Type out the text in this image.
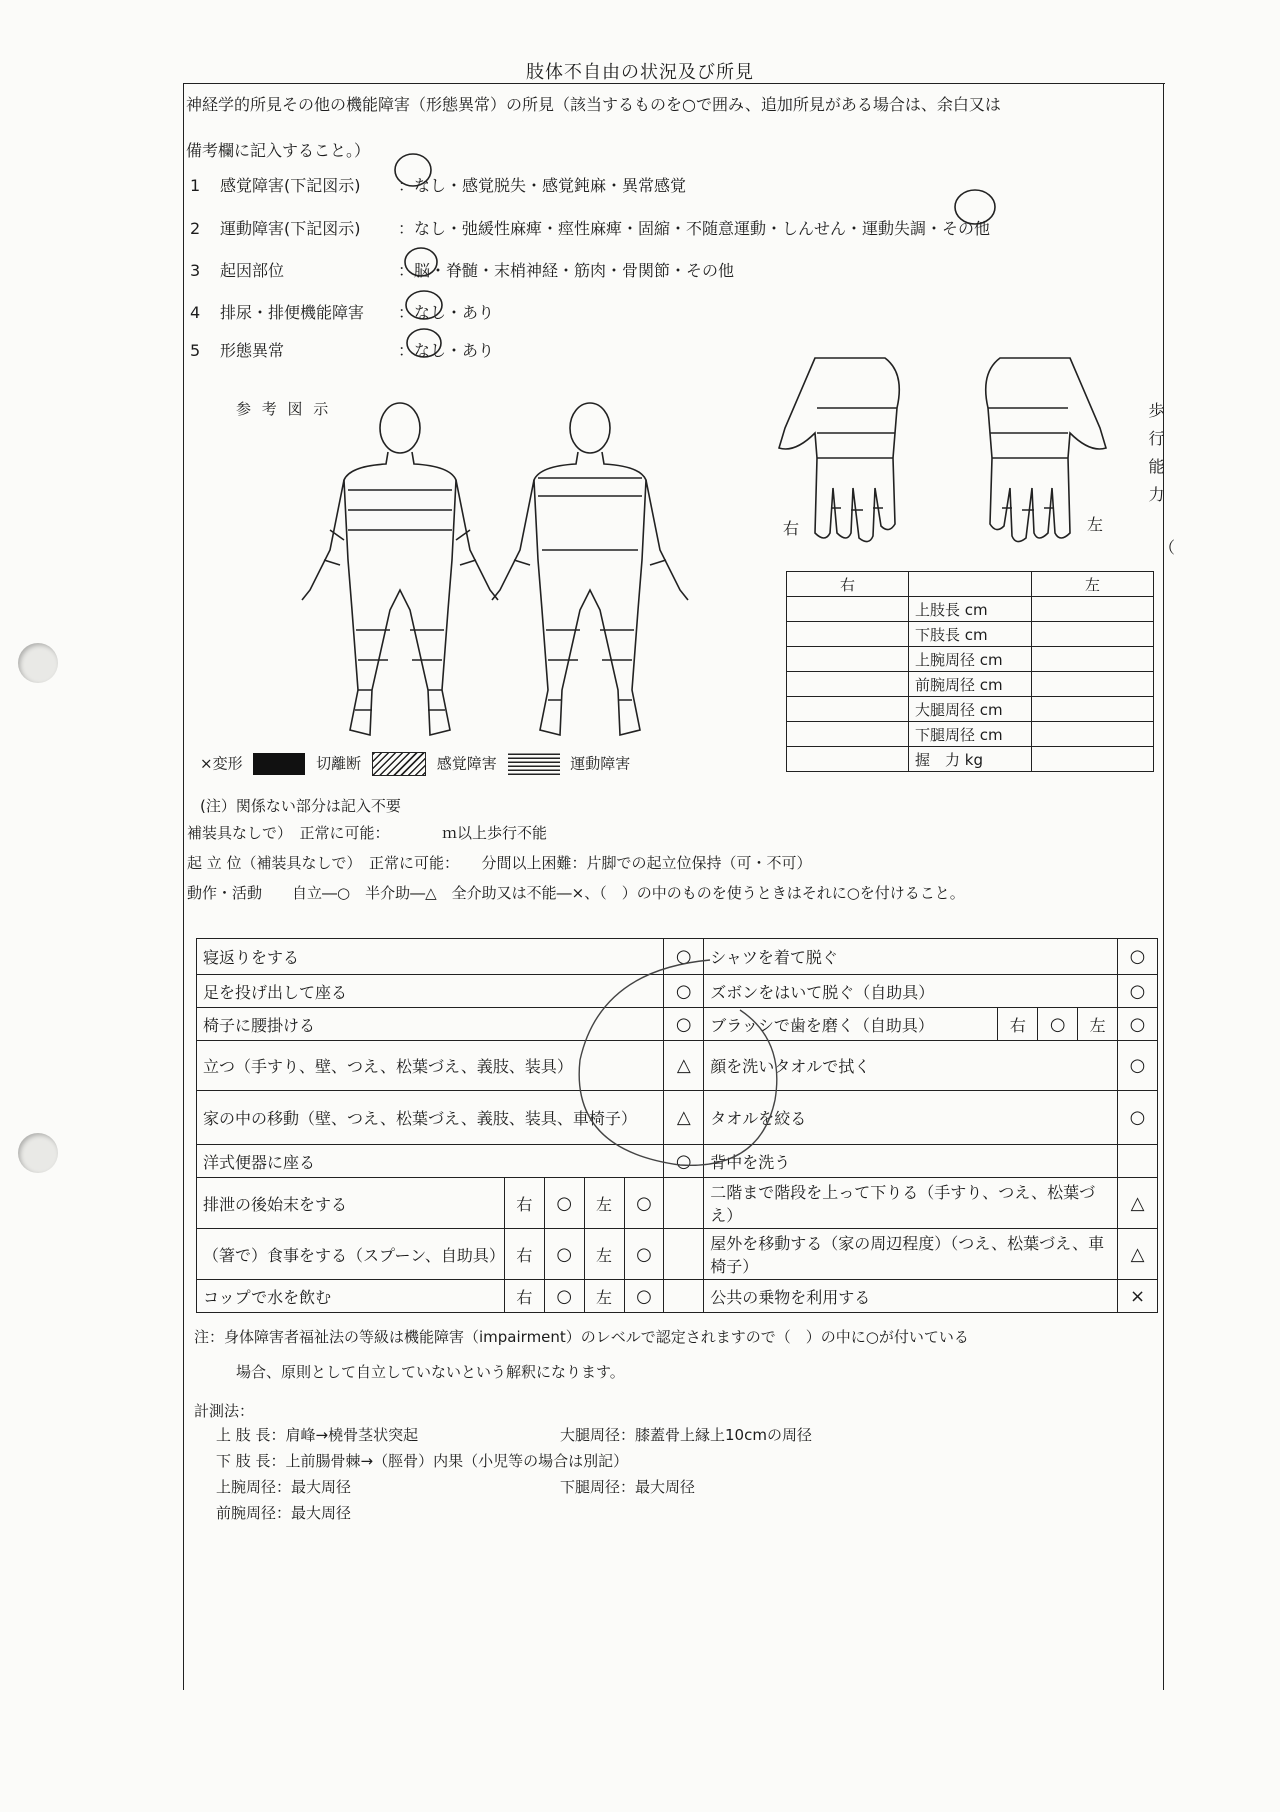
肢体不自由の状況及び所見
神経学的所見その他の機能障害（形態異常）の所見（該当するものを○で囲み、追加所見がある場合は、余白又は
備考欄に記入すること。）
1 感覚障害(下記図示) ：なし・感覚脱失・感覚鈍麻・異常感覚
2 運動障害(下記図示) ：なし・弛緩性麻痺・痙性麻痺・固縮・不随意運動・しんせん・運動失調・その他
3 起因部位	：脳・脊髄・末梢神経・筋肉・骨関節・その他
4 排尿・排便機能障害 ：なし・あり
5 形態異常	：なし・あり
参 考 図 示
右	左
歩行能力
（
右		左
	上肢長 cm	
	下肢長 cm	
	上腕周径 cm	
	前腕周径 cm	
	大腿周径 cm	
	下腿周径 cm	
	握　力 kg	
×変形	切離断	感覚障害	運動障害
(注）関係ない部分は記入不要
補装具なしで）　正常に可能：　　　　ｍ以上歩行不能
起 立 位（補装具なしで）　正常に可能：　　分間以上困難：片脚での起立位保持（可・不可）
動作・活動　　自立―○　半介助―△　全介助又は不能―×、（　）の中のものを使うときはそれに○を付けること。
寝返りをする					○	シャツを着て脱ぐ				○
足を投げ出して座る					○	ズボンをはいて脱ぐ（自助具）				○
椅子に腰掛ける					○	ブラッシで歯を磨く（自助具）	右	○	左	○
立つ（手すり、壁、つえ、松葉づえ、義肢、装具）					△	顔を洗いタオルで拭く				○
家の中の移動（壁、つえ、松葉づえ、義肢、装具、車椅子）					△	タオルを絞る				○
洋式便器に座る					○	背中を洗う				
排泄の後始末をする	右	○	左	○		二階まで階段を上って下りる（手すり、つえ、松葉づえ）				△
（箸で）食事をする（スプーン、自助具）	右	○	左	○		屋外を移動する（家の周辺程度）（つえ、松葉づえ、車椅子）				△
コップで水を飲む	右	○	左	○		公共の乗物を利用する				×
注：身体障害者福祉法の等級は機能障害（impairment）のレベルで認定されますので（　）の中に○が付いている
場合、原則として自立していないという解釈になります。
計測法：
上 肢 長：肩峰→橈骨茎状突起
下 肢 長：上前腸骨棘→（脛骨）内果（小児等の場合は別記）
上腕周径：最大周径
前腕周径：最大周径
大腿周径：膝蓋骨上縁上10cmの周径
下腿周径：最大周径
